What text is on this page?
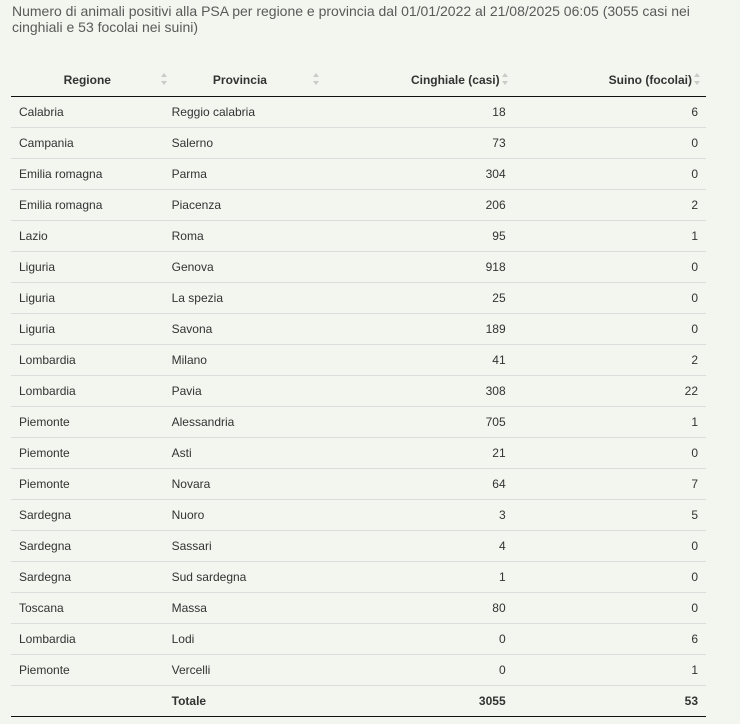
Numero di animali positivi alla PSA per regione e provincia dal 01/01/2022 al 21/08/2025 06:05 (3055 casi nei cinghiali e 53 focolai nei suini)
Regione	Provincia	Cinghiale (casi)	Suino (focolai)

Calabria	Reggio calabria	18	6
Campania	Salerno	73	0
Emilia romagna	Parma	304	0
Emilia romagna	Piacenza	206	2
Lazio	Roma	95	1
Liguria	Genova	918	0
Liguria	La spezia	25	0
Liguria	Savona	189	0
Lombardia	Milano	41	2
Lombardia	Pavia	308	22
Piemonte	Alessandria	705	1
Piemonte	Asti	21	0
Piemonte	Novara	64	7
Sardegna	Nuoro	3	5
Sardegna	Sassari	4	0
Sardegna	Sud sardegna	1	0
Toscana	Massa	80	0
Lombardia	Lodi	0	6
Piemonte	Vercelli	0	1
	Totale	3055	53
